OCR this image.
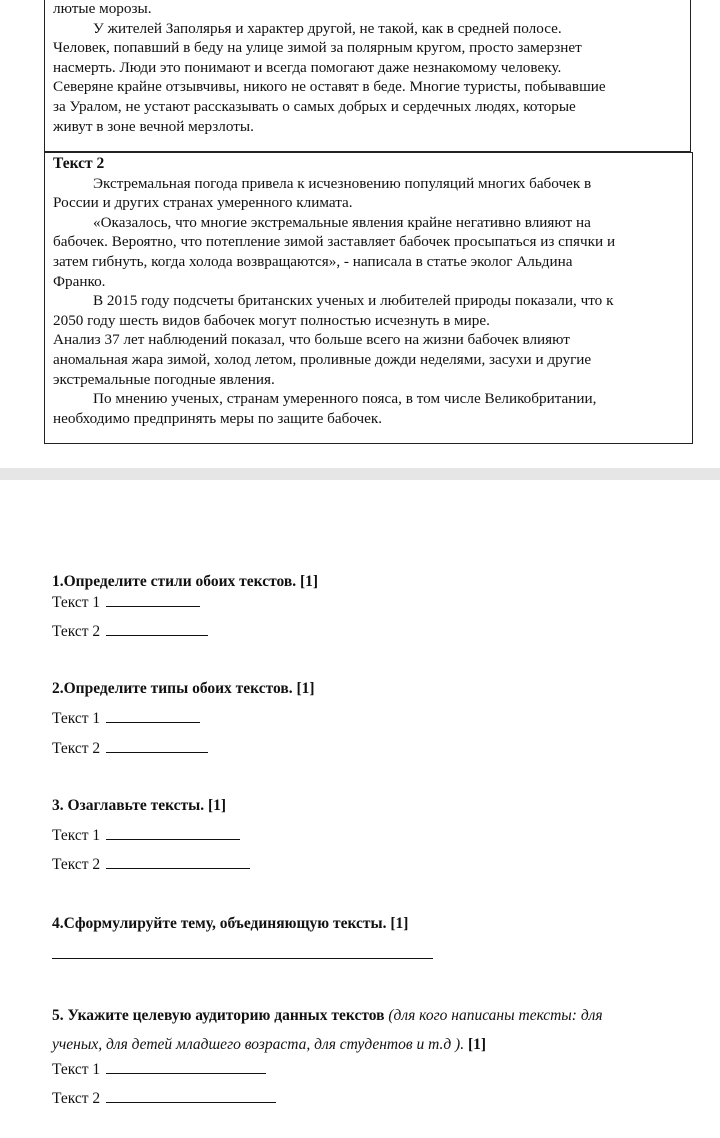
лютые морозы.

У жителей Заполярья и характер другой, не такой, как в средней полосе.

Человек, попавший в беду на улице зимой за полярным кругом, просто замерзнет

насмерть. Люди это понимают и всегда помогают даже незнакомому человеку.

Северяне крайне отзывчивы, никого не оставят в беде. Многие туристы, побывавшие

за Уралом, не устают рассказывать о самых добрых и сердечных людях, которые

живут в зоне вечной мерзлоты.

Текст 2

Экстремальная погода привела к исчезновению популяций многих бабочек в

России и других странах умеренного климата.

«Оказалось, что многие экстремальные явления крайне негативно влияют на

бабочек. Вероятно, что потепление зимой заставляет бабочек просыпаться из спячки и

затем гибнуть, когда холода возвращаются», - написала в статье эколог Альдина

Франко.

В 2015 году подсчеты британских ученых и любителей природы показали, что к

2050 году шесть видов бабочек могут полностью исчезнуть в мире.

Анализ 37 лет наблюдений показал, что больше всего на жизни бабочек влияют

аномальная жара зимой, холод летом, проливные дожди неделями, засухи и другие

экстремальные погодные явления.

По мнению ученых, странам умеренного пояса, в том числе Великобритании,

необходимо предпринять меры по защите бабочек.

1.Определите стили обоих текстов. [1]
Текст 1
Текст 2
2.Определите типы обоих текстов. [1]
Текст 1
Текст 2
3. Озаглавьте тексты. [1]
Текст 1
Текст 2
4.Сформулируйте тему, объединяющую тексты. [1]
5. Укажите целевую аудиторию данных текстов (для кого написаны тексты: для
ученых, для детей младшего возраста, для студентов и т.д ). [1]
Текст 1
Текст 2
